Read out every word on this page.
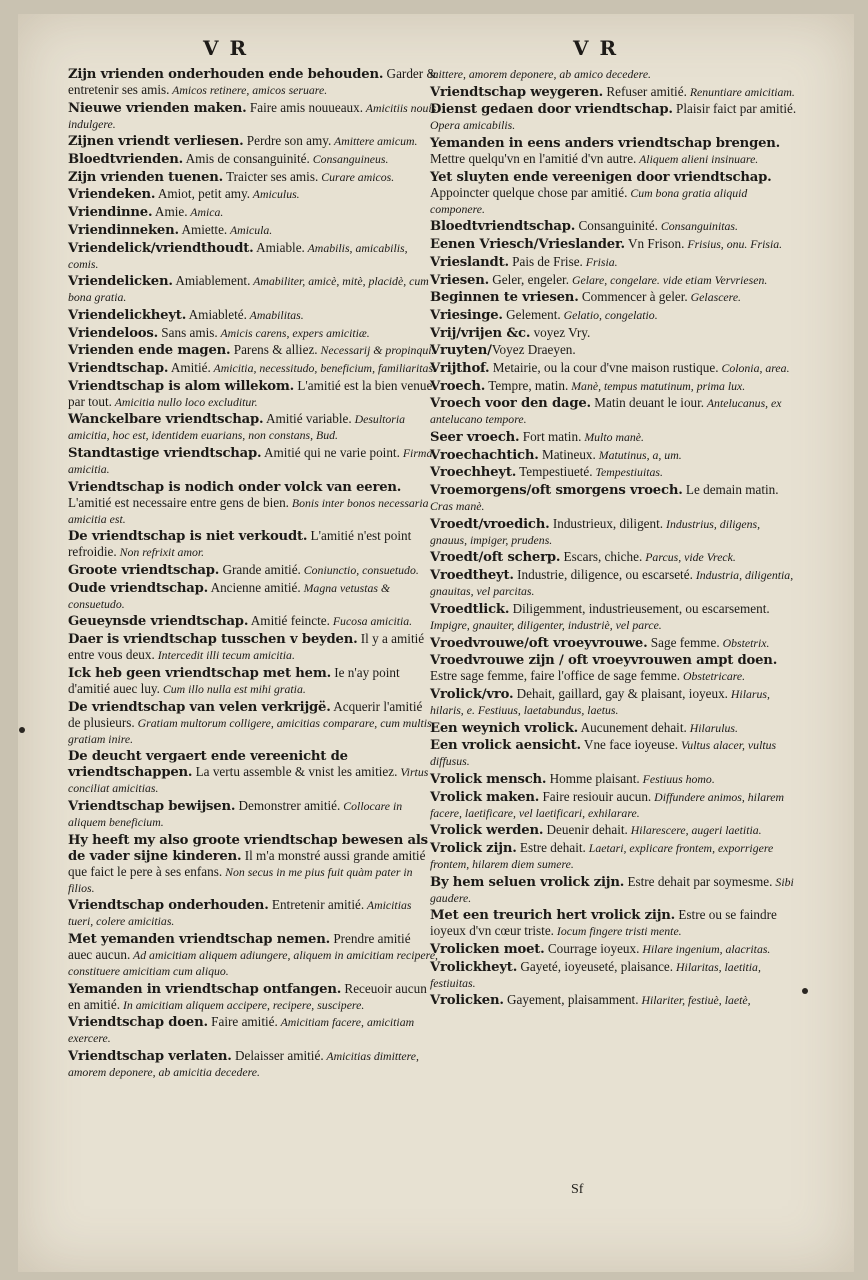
V R	V R

Zijn vrienden onderhouden ende behouden. Garder & entretenir ses amis. Amicos retinere, amicos seruare.

Nieuwe vrienden maken. Faire amis nouueaux. Amicitiis nouis indulgere.

Zijnen vriendt verliesen. Perdre son amy. Amittere amicum.

Bloedtvrienden. Amis de consanguinité. Consanguineus.

Zijn vrienden tuenen. Traicter ses amis. Curare amicos.

Vriendeken. Amiot, petit amy. Amiculus.

Vriendinne. Amie. Amica.

Vriendinneken. Amiette. Amicula.

Vriendelick/vriendthoudt. Amiable. Amabilis, amicabilis, comis.

Vriendelicken. Amiablement. Amabiliter, amicè, mitè, placidè, cum bona gratia.

Vriendelickheyt. Amiableté. Amabilitas.

Vriendeloos. Sans amis. Amicis carens, expers amicitiæ.

Vrienden ende magen. Parens & alliez. Necessarij & propinqui.

Vriendtschap. Amitié. Amicitia, necessitudo, beneficium, familiaritas.

Vriendtschap is alom willekom. L'amitié est la bien venue par tout. Amicitia nullo loco excluditur.

Wanckelbare vriendtschap. Amitié variable. Desultoria amicitia, hoc est, identidem euarians, non constans, Bud.

Standtastige vriendtschap. Amitié qui ne varie point. Firma amicitia.

Vriendtschap is nodich onder volck van eeren. L'amitié est necessaire entre gens de bien. Bonis inter bonos necessaria amicitia est.

De vriendtschap is niet verkoudt. L'amitié n'est point refroidie. Non refrixit amor.

Groote vriendtschap. Grande amitié. Coniunctio, consuetudo.

Oude vriendtschap. Ancienne amitié. Magna vetustas & consuetudo.

Geueynsde vriendtschap. Amitié feincte. Fucosa amicitia.

Daer is vriendtschap tusschen v beyden. Il y a amitié entre vous deux. Intercedit illi tecum amicitia.

Ick heb geen vriendtschap met hem. Ie n'ay point d'amitié auec luy. Cum illo nulla est mihi gratia.

De vriendtschap van velen verkrijgë. Acquerir l'amitié de plusieurs. Gratiam multorum colligere, amicitias comparare, cum multis gratiam inire.

De deucht vergaert ende vereenicht de vriendtschappen. La vertu assemble & vnist les amitiez. Virtus conciliat amicitias.

Vriendtschap bewijsen. Demonstrer amitié. Collocare in aliquem beneficium.

Hy heeft my also groote vriendtschap bewesen als de vader sijne kinderen. Il m'a monstré aussi grande amitié que faict le pere à ses enfans. Non secus in me pius fuit quàm pater in filios.

Vriendtschap onderhouden. Entretenir amitié. Amicitias tueri, colere amicitias.

Met yemanden vriendtschap nemen. Prendre amitié auec aucun. Ad amicitiam aliquem adiungere, aliquem in amicitiam recipere, constituere amicitiam cum aliquo.

Yemanden in vriendtschap ontfangen. Receuoir aucun en amitié. In amicitiam aliquem accipere, recipere, suscipere.

Vriendtschap doen. Faire amitié. Amicitiam facere, amicitiam exercere.

Vriendtschap verlaten. Delaisser amitié. Amicitias dimittere, amorem deponere, ab amicitia decedere.

mittere, amorem deponere, ab amico decedere.

Vriendtschap weygeren. Refuser amitié. Renuntiare amicitiam.

Dienst gedaen door vriendtschap. Plaisir faict par amitié. Opera amicabilis.

Yemanden in eens anders vriendtschap brengen. Mettre quelqu'vn en l'amitié d'vn autre. Aliquem alieni insinuare.

Yet sluyten ende vereenigen door vriendtschap. Appoincter quelque chose par amitié. Cum bona gratia aliquid componere.

Bloedtvriendtschap. Consanguinité. Consanguinitas.

Eenen Vriesch/Vrieslander. Vn Frison. Frisius, onu. Frisia.

Vrieslandt. Pais de Frise. Frisia.

Vriesen. Geler, engeler. Gelare, congelare. vide etiam Vervriesen.

Beginnen te vriesen. Commencer à geler. Gelascere.

Vriesinge. Gelement. Gelatio, congelatio.

Vrij/vrijen &c. voyez Vry.

Vruyten/Voyez Draeyen.

Vrijthof. Metairie, ou la cour d'vne maison rustique. Colonia, area.

Vroech. Tempre, matin. Manè, tempus matutinum, prima lux.

Vroech voor den dage. Matin deuant le iour. Antelucanus, ex antelucano tempore.

Seer vroech. Fort matin. Multo manè.

Vroechachtich. Matineux. Matutinus, a, um.

Vroechheyt. Tempestiueté. Tempestiuitas.

Vroemorgens/oft smorgens vroech. Le demain matin. Cras manè.

Vroedt/vroedich. Industrieux, diligent. Industrius, diligens, gnauus, impiger, prudens.

Vroedt/oft scherp. Escars, chiche. Parcus, vide Vreck.

Vroedtheyt. Industrie, diligence, ou escarseté. Industria, diligentia, gnauitas, vel parcitas.

Vroedtlick. Diligemment, industrieusement, ou escarsement. Impigre, gnauiter, diligenter, industriè, vel parce.

Vroedvrouwe/oft vroeyvrouwe. Sage femme. Obstetrix.

Vroedvrouwe zijn / oft vroeyvrouwen ampt doen. Estre sage femme, faire l'office de sage femme. Obstetricare.

Vrolick/vro. Dehait, gaillard, gay & plaisant, ioyeux. Hilarus, hilaris, e. Festiuus, laetabundus, laetus.

Een weynich vrolick. Aucunement dehait. Hilarulus.

Een vrolick aensicht. Vne face ioyeuse. Vultus alacer, vultus diffusus.

Vrolick mensch. Homme plaisant. Festiuus homo.

Vrolick maken. Faire resiouir aucun. Diffundere animos, hilarem facere, laetificare, vel laetificari, exhilarare.

Vrolick werden. Deuenir dehait. Hilarescere, augeri laetitia.

Vrolick zijn. Estre dehait. Laetari, explicare frontem, exporrigere frontem, hilarem diem sumere.

By hem seluen vrolick zijn. Estre dehait par soymesme. Sibi gaudere.

Met een treurich hert vrolick zijn. Estre ou se faindre ioyeux d'vn cœur triste. Iocum fingere tristi mente.

Vrolicken moet. Courrage ioyeux. Hilare ingenium, alacritas.

Vrolickheyt. Gayeté, ioyeuseté, plaisance. Hilaritas, laetitia, festiuitas.

Vrolicken. Gayement, plaisamment. Hilariter, festiuè, laetè,

Sf
